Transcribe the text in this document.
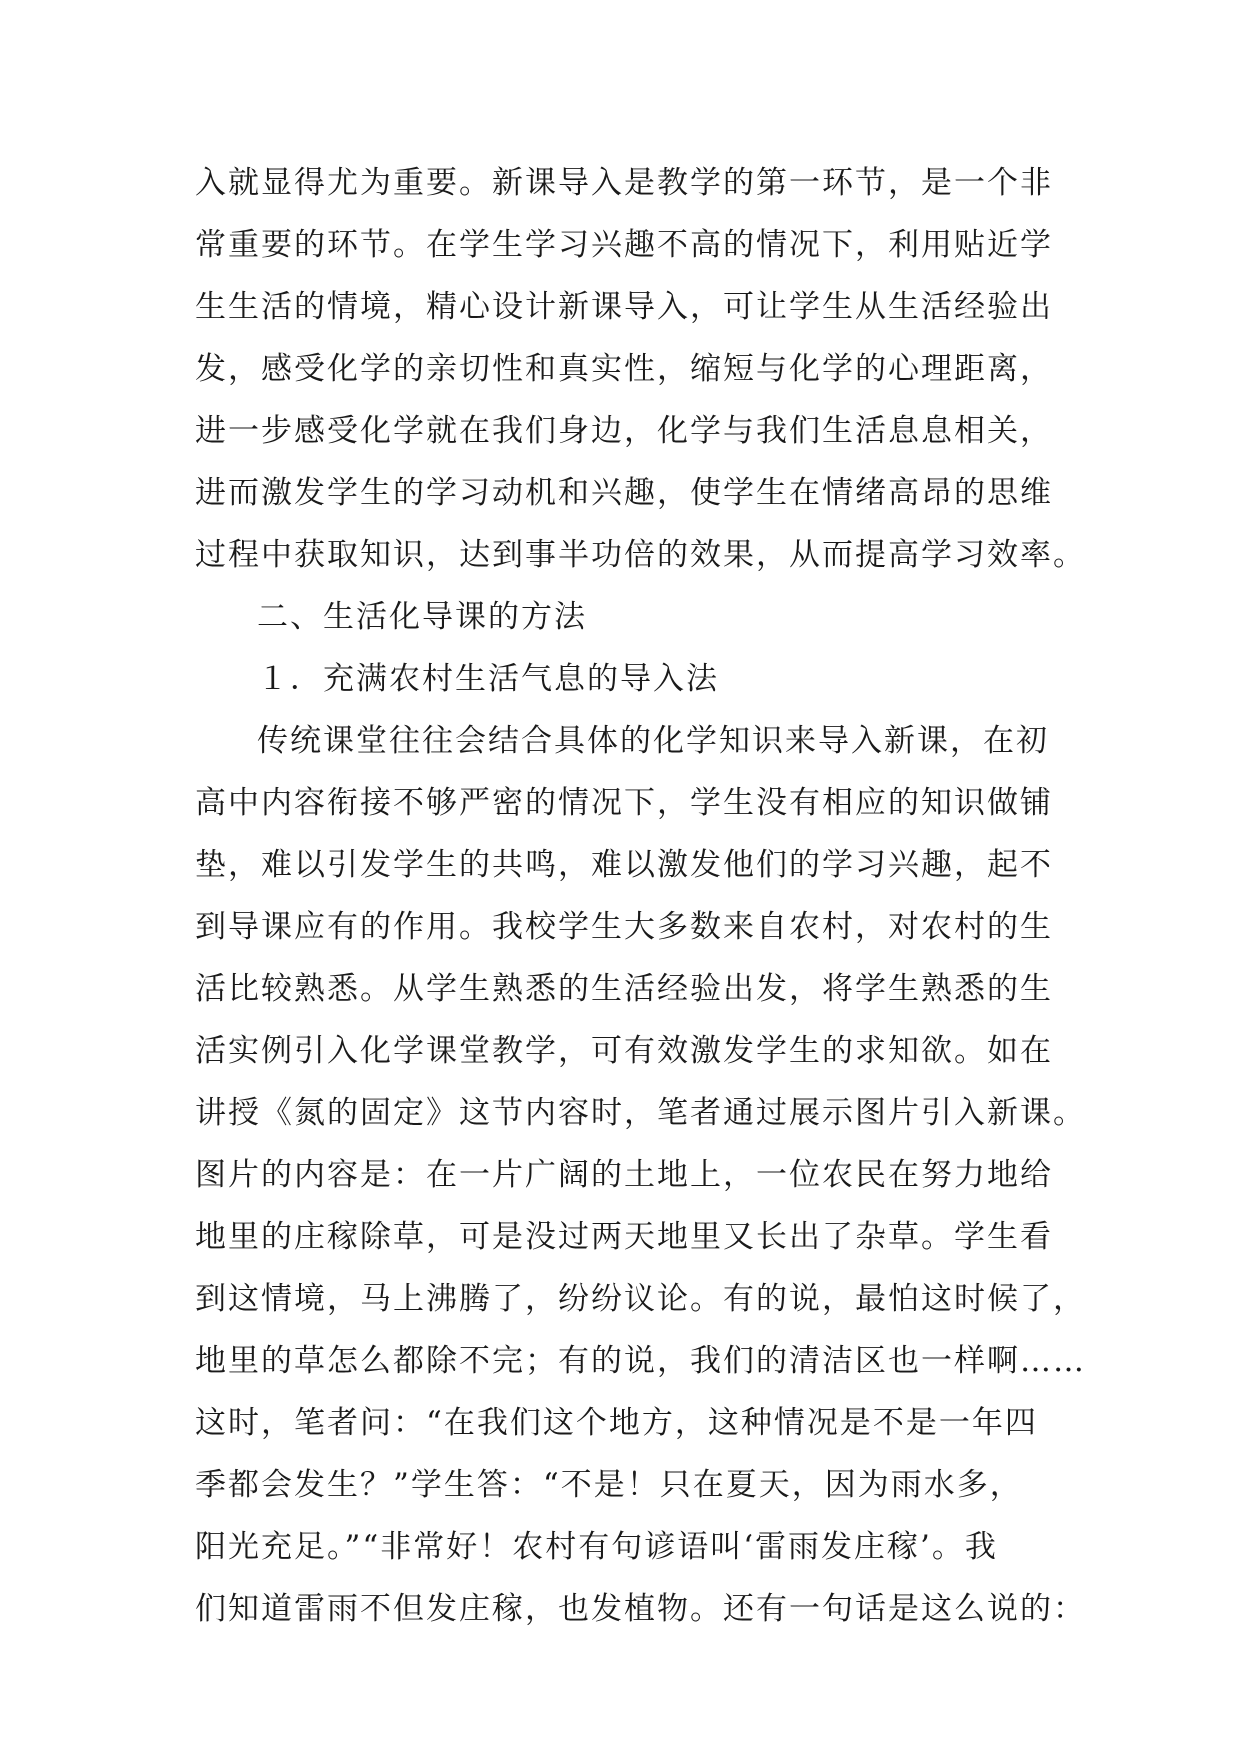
入就显得尤为重要。新课导入是教学的第一环节，是一个非
常重要的环节。在学生学习兴趣不高的情况下，利用贴近学
生生活的情境，精心设计新课导入，可让学生从生活经验出
发，感受化学的亲切性和真实性，缩短与化学的心理距离，
进一步感受化学就在我们身边，化学与我们生活息息相关，
进而激发学生的学习动机和兴趣，使学生在情绪高昂的思维
过程中获取知识，达到事半功倍的效果，从而提高学习效率。
二、生活化导课的方法
１．充满农村生活气息的导入法
传统课堂往往会结合具体的化学知识来导入新课，在初
高中内容衔接不够严密的情况下，学生没有相应的知识做铺
垫，难以引发学生的共鸣，难以激发他们的学习兴趣，起不
到导课应有的作用。我校学生大多数来自农村，对农村的生
活比较熟悉。从学生熟悉的生活经验出发，将学生熟悉的生
活实例引入化学课堂教学，可有效激发学生的求知欲。如在
讲授《氮的固定》这节内容时，笔者通过展示图片引入新课。
图片的内容是：在一片广阔的土地上，一位农民在努力地给
地里的庄稼除草，可是没过两天地里又长出了杂草。学生看
到这情境，马上沸腾了，纷纷议论。有的说，最怕这时候了，
地里的草怎么都除不完；有的说，我们的清洁区也一样啊……
这时，笔者问：“在我们这个地方，这种情况是不是一年四
季都会发生？”学生答：“不是！只在夏天，因为雨水多，
阳光充足。”“非常好！农村有句谚语叫‘雷雨发庄稼’。我
们知道雷雨不但发庄稼，也发植物。还有一句话是这么说的：
